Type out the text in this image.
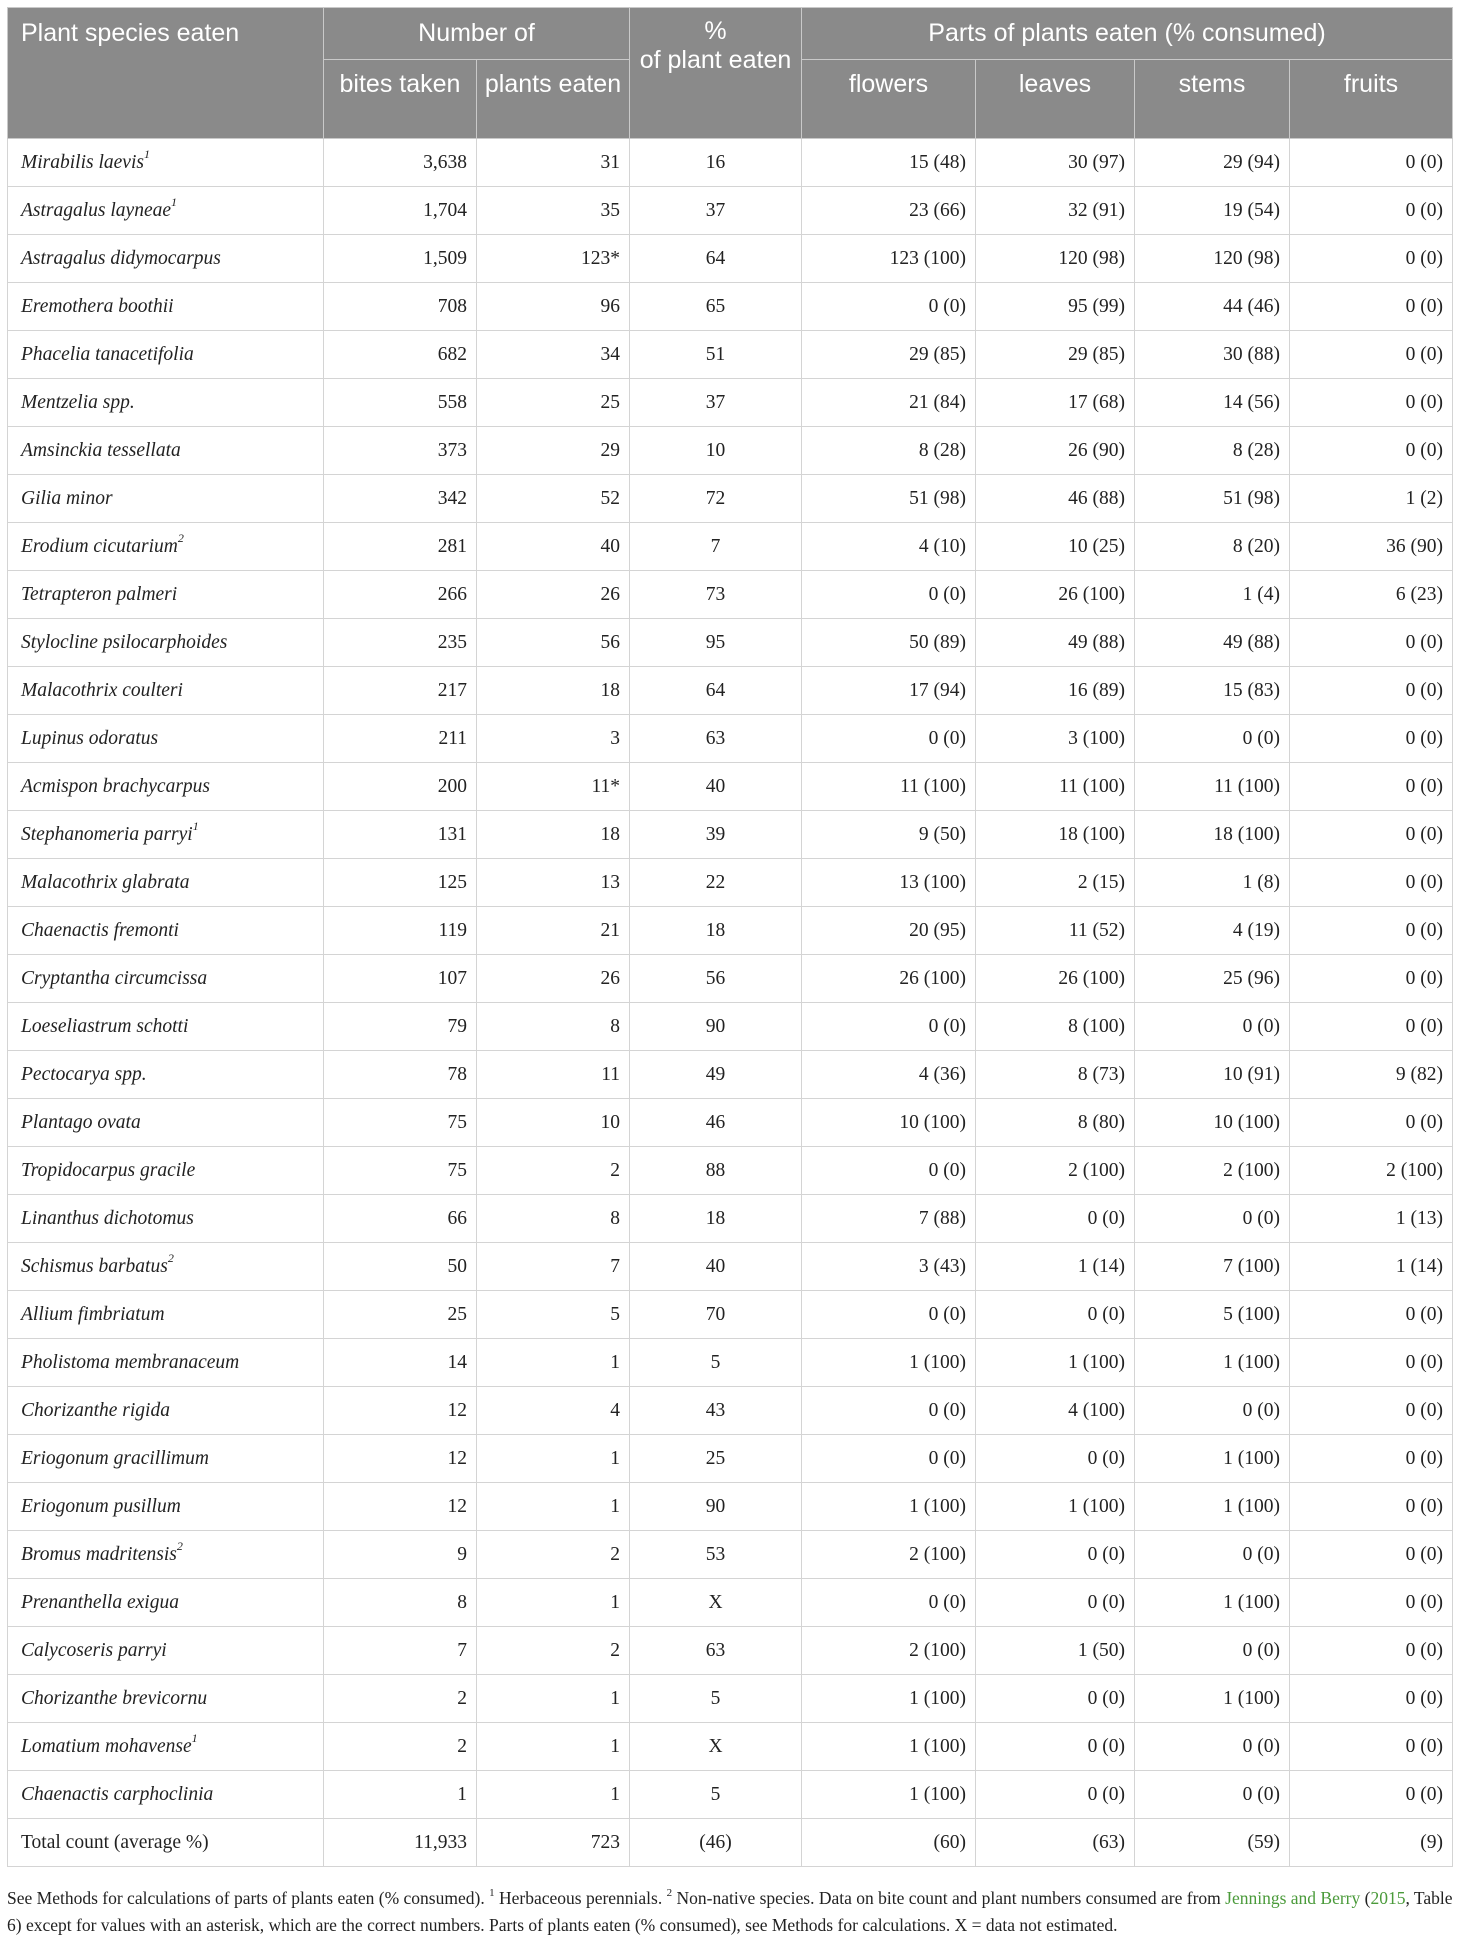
Plant species eaten	Number of		%
of plant eaten	Parts of plants eaten (% consumed)			
	bites taken	plants eaten		flowers	leaves	stems	fruits
Mirabilis laevis$^1$	3,638	31	16	15 (48)	30 (97)	29 (94)	0 (0)
Astragalus layneae$^1$	1,704	35	37	23 (66)	32 (91)	19 (54)	0 (0)
Astragalus didymocarpus	1,509	123*	64	123 (100)	120 (98)	120 (98)	0 (0)
Eremothera boothii	708	96	65	0 (0)	95 (99)	44 (46)	0 (0)
Phacelia tanacetifolia	682	34	51	29 (85)	29 (85)	30 (88)	0 (0)
Mentzelia spp.	558	25	37	21 (84)	17 (68)	14 (56)	0 (0)
Amsinckia tessellata	373	29	10	8 (28)	26 (90)	8 (28)	0 (0)
Gilia minor	342	52	72	51 (98)	46 (88)	51 (98)	1 (2)
Erodium cicutarium$^2$	281	40	7	4 (10)	10 (25)	8 (20)	36 (90)
Tetrapteron palmeri	266	26	73	0 (0)	26 (100)	1 (4)	6 (23)
Stylocline psilocarphoides	235	56	95	50 (89)	49 (88)	49 (88)	0 (0)
Malacothrix coulteri	217	18	64	17 (94)	16 (89)	15 (83)	0 (0)
Lupinus odoratus	211	3	63	0 (0)	3 (100)	0 (0)	0 (0)
Acmispon brachycarpus	200	11*	40	11 (100)	11 (100)	11 (100)	0 (0)
Stephanomeria parryi$^1$	131	18	39	9 (50)	18 (100)	18 (100)	0 (0)
Malacothrix glabrata	125	13	22	13 (100)	2 (15)	1 (8)	0 (0)
Chaenactis fremonti	119	21	18	20 (95)	11 (52)	4 (19)	0 (0)
Cryptantha circumcissa	107	26	56	26 (100)	26 (100)	25 (96)	0 (0)
Loeseliastrum schotti	79	8	90	0 (0)	8 (100)	0 (0)	0 (0)
Pectocarya spp.	78	11	49	4 (36)	8 (73)	10 (91)	9 (82)
Plantago ovata	75	10	46	10 (100)	8 (80)	10 (100)	0 (0)
Tropidocarpus gracile	75	2	88	0 (0)	2 (100)	2 (100)	2 (100)
Linanthus dichotomus	66	8	18	7 (88)	0 (0)	0 (0)	1 (13)
Schismus barbatus$^2$	50	7	40	3 (43)	1 (14)	7 (100)	1 (14)
Allium fimbriatum	25	5	70	0 (0)	0 (0)	5 (100)	0 (0)
Pholistoma membranaceum	14	1	5	1 (100)	1 (100)	1 (100)	0 (0)
Chorizanthe rigida	12	4	43	0 (0)	4 (100)	0 (0)	0 (0)
Eriogonum gracillimum	12	1	25	0 (0)	0 (0)	1 (100)	0 (0)
Eriogonum pusillum	12	1	90	1 (100)	1 (100)	1 (100)	0 (0)
Bromus madritensis$^2$	9	2	53	2 (100)	0 (0)	0 (0)	0 (0)
Prenanthella exigua	8	1	X	0 (0)	0 (0)	1 (100)	0 (0)
Calycoseris parryi	7	2	63	2 (100)	1 (50)	0 (0)	0 (0)
Chorizanthe brevicornu	2	1	5	1 (100)	0 (0)	1 (100)	0 (0)
Lomatium mohavense$^1$	2	1	X	1 (100)	0 (0)	0 (0)	0 (0)
Chaenactis carphoclinia	1	1	5	1 (100)	0 (0)	0 (0)	0 (0)
Total count (average %)	11,933	723	(46)	(60)	(63)	(59)	(9)
See Methods for calculations of parts of plants eaten (% consumed). $^1$ Herbaceous perennials. $^2$ Non-native species. Data on bite count and plant numbers consumed are from Jennings and Berry (2015, Table 6) except for values with an asterisk, which are the correct numbers. Parts of plants eaten (% consumed), see Methods for calculations. X = data not estimated.
